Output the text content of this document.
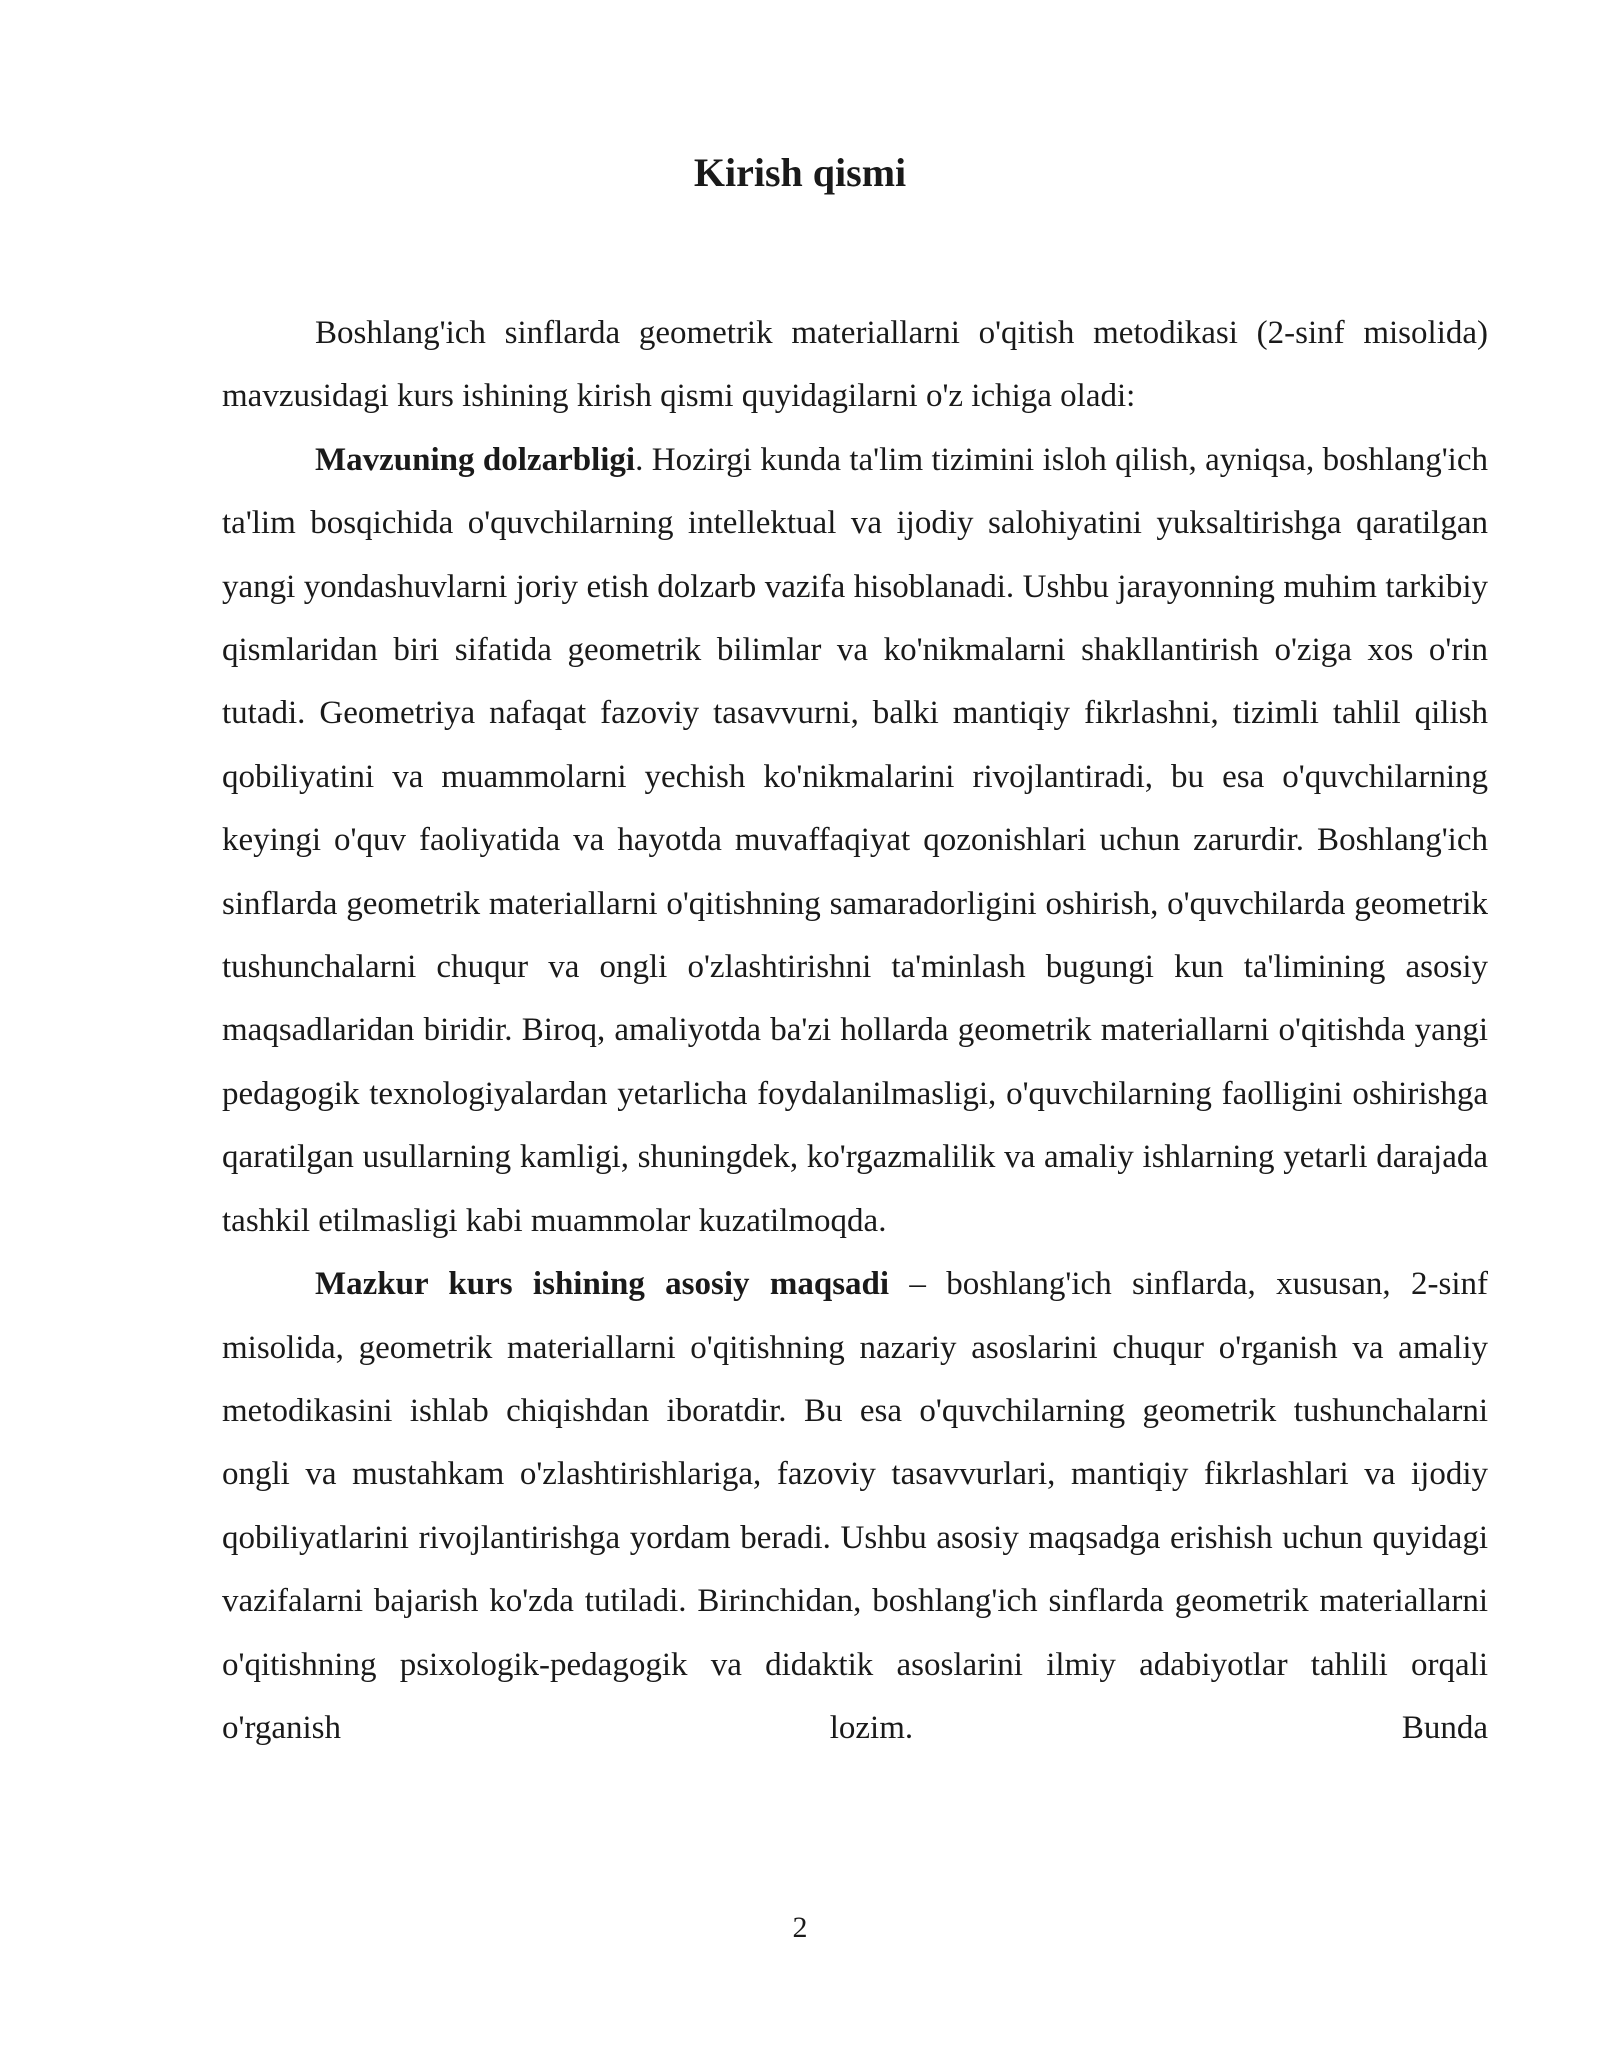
Kirish qismi

Boshlang'ich sinflarda geometrik materiallarni o'qitish metodikasi (2-sinf misolida) mavzusidagi kurs ishining kirish qismi quyidagilarni o'z ichiga oladi:

Mavzuning dolzarbligi. Hozirgi kunda ta'lim tizimini isloh qilish, ayniqsa, boshlang'ich ta'lim bosqichida o'quvchilarning intellektual va ijodiy salohiyatini yuksaltirishga qaratilgan yangi yondashuvlarni joriy etish dolzarb vazifa hisoblanadi. Ushbu jarayonning muhim tarkibiy qismlaridan biri sifatida geometrik bilimlar va ko'nikmalarni shakllantirish o'ziga xos o'rin tutadi. Geometriya nafaqat fazoviy tasavvurni, balki mantiqiy fikrlashni, tizimli tahlil qilish qobiliyatini va muammolarni yechish ko'nikmalarini rivojlantiradi, bu esa o'quvchilarning keyingi o'quv faoliyatida va hayotda muvaffaqiyat qozonishlari uchun zarurdir. Boshlang'ich sinflarda geometrik materiallarni o'qitishning samaradorligini oshirish, o'quvchilarda geometrik tushunchalarni chuqur va ongli o'zlashtirishni ta'minlash bugungi kun ta'limining asosiy maqsadlaridan biridir. Biroq, amaliyotda ba'zi hollarda geometrik materiallarni o'qitishda yangi pedagogik texnologiyalardan yetarlicha foydalanilmasligi, o'quvchilarning faolligini oshirishga qaratilgan usullarning kamligi, shuningdek, ko'rgazmalilik va amaliy ishlarning yetarli darajada tashkil etilmasligi kabi muammolar kuzatilmoqda.

Mazkur kurs ishining asosiy maqsadi – boshlang'ich sinflarda, xususan, 2-sinf misolida, geometrik materiallarni o'qitishning nazariy asoslarini chuqur o'rganish va amaliy metodikasini ishlab chiqishdan iboratdir. Bu esa o'quvchilarning geometrik tushunchalarni ongli va mustahkam o'zlashtirishlariga, fazoviy tasavvurlari, mantiqiy fikrlashlari va ijodiy qobiliyatlarini rivojlantirishga yordam beradi. Ushbu asosiy maqsadga erishish uchun quyidagi vazifalarni bajarish ko'zda tutiladi. Birinchidan, boshlang'ich sinflarda geometrik materiallarni o'qitishning psixologik-pedagogik va didaktik asoslarini ilmiy adabiyotlar tahlili orqali o'rganish lozim. Bunda

2
